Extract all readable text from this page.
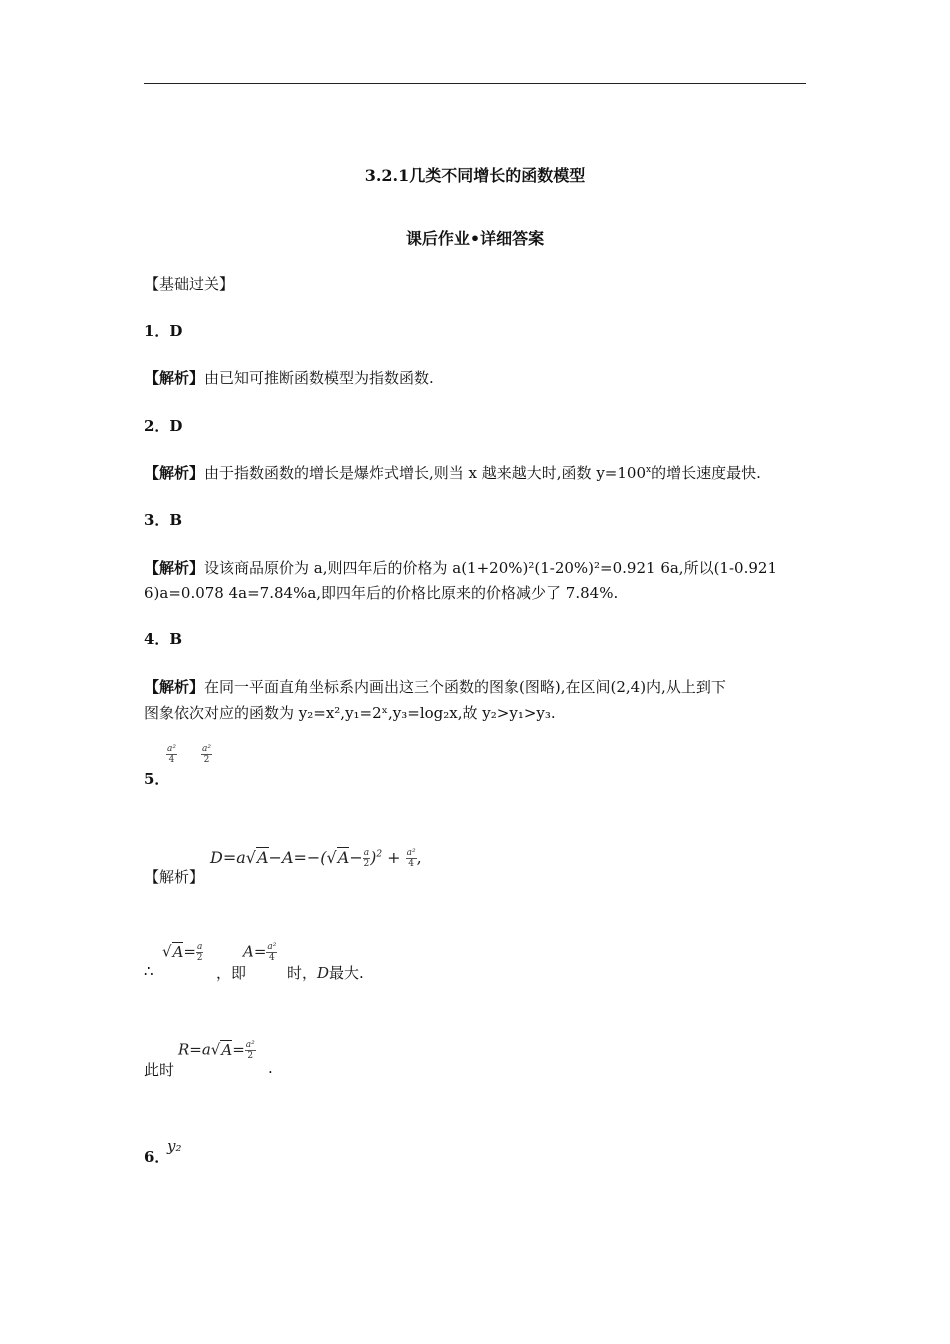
3.2.1几类不同增长的函数模型
课后作业•详细答案
【基础过关】
1．D
【解析】由已知可推断函数模型为指数函数.
2．D
【解析】由于指数函数的增长是爆炸式增长,则当 x 越来越大时,函数 $y=100^x$的增长速度最快.
3．B
【解析】设该商品原价为 a,则四年后的价格为 a(1+20%)²(1-20%)²=0.921 6a,所以(1-0.921
6)a=0.078 4a=7.84%a,即四年后的价格比原来的价格减少了 7.84%.
4．B
【解析】在同一平面直角坐标系内画出这三个函数的图象(图略),在区间(2,4)内,从上到下
图象依次对应的函数为 y₂=x²,y₁=2ˣ,y₃=log₂x,故 y₂>y₁>y₃.
5．
$\frac{\text{a²}}{4}$	$\frac{\text{a²}}{2}$
【解析】
$D=a√A-A=-(√A- \frac{a}{2} )^2 + \frac{\text{a²}}{4}$ ,
∴
$√A= \frac{a}{2}$
，即
$A= \frac{\text{a²}}{4}$
时，D最大.
此时
$R=a√A= \frac{\text{a²}}{2}$
.
6．
y₂
